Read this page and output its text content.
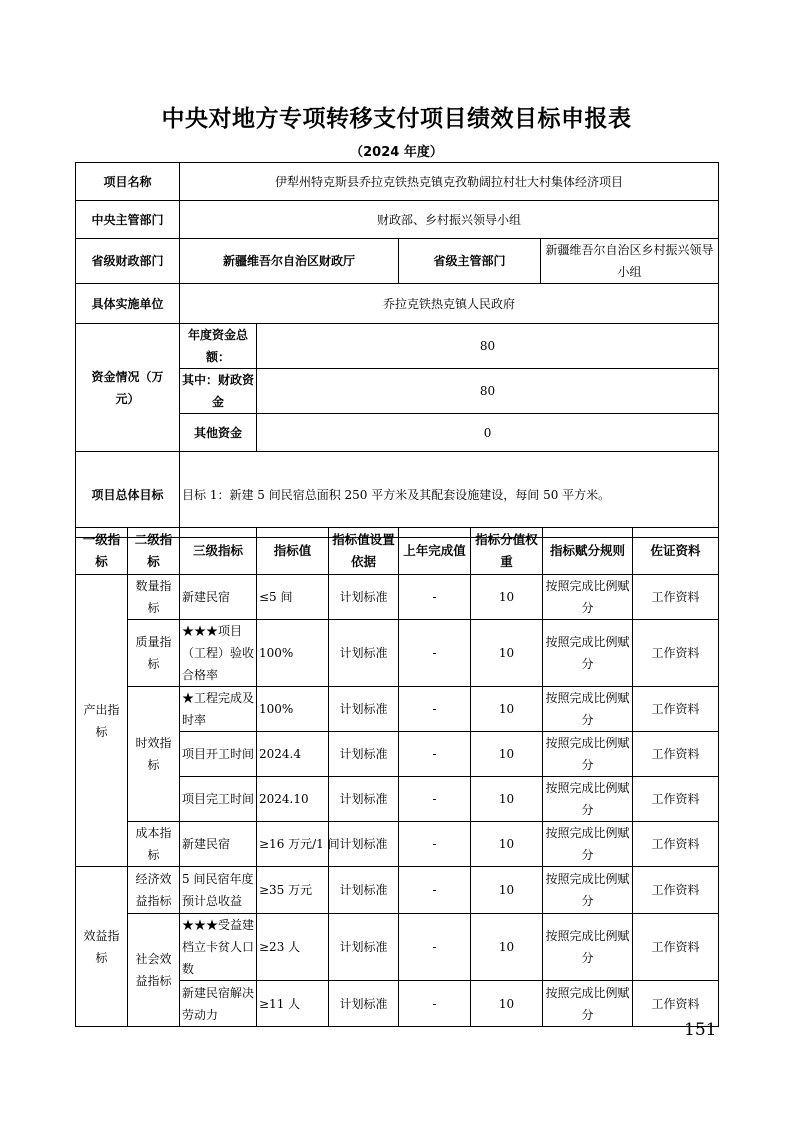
中央对地方专项转移支付项目绩效目标申报表
（2024 年度）
项目名称	伊犁州特克斯县乔拉克铁热克镇克孜勒阔拉村壮大村集体经济项目			
中央主管部门	财政部、乡村振兴领导小组			
省级财政部门	新疆维吾尔自治区财政厅		省级主管部门	新疆维吾尔自治区乡村振兴领导小组
具体实施单位	乔拉克铁热克镇人民政府			
资金情况（万元）	年度资金总额：	80		
	其中：财政资金	80		
	其他资金	0		
项目总体目标	目标 1：新建 5 间民宿总面积 250 平方米及其配套设施建设，每间 50 平方米。			
一级指标	二级指标	三级指标	指标值	指标值设置依据	上年完成值	指标分值权重	指标赋分规则	佐证资料
产出指标	数量指标	新建民宿	≤5 间	计划标准	-	10	按照完成比例赋分	工作资料
	质量指标	★★★项目（工程）验收合格率	100%	计划标准	-	10	按照完成比例赋分	工作资料
	时效指标	★工程完成及时率	100%	计划标准	-	10	按照完成比例赋分	工作资料
		项目开工时间	2024.4	计划标准	-	10	按照完成比例赋分	工作资料
		项目完工时间	2024.10	计划标准	-	10	按照完成比例赋分	工作资料
	成本指标	新建民宿	≥16 万元/1 间	计划标准	-	10	按照完成比例赋分	工作资料
效益指标	经济效益指标	5 间民宿年度预计总收益	≥35 万元	计划标准	-	10	按照完成比例赋分	工作资料
	社会效益指标	★★★受益建档立卡贫人口数	≥23 人	计划标准	-	10	按照完成比例赋分	工作资料
		新建民宿解决劳动力	≥11 人	计划标准	-	10	按照完成比例赋分	工作资料
151
